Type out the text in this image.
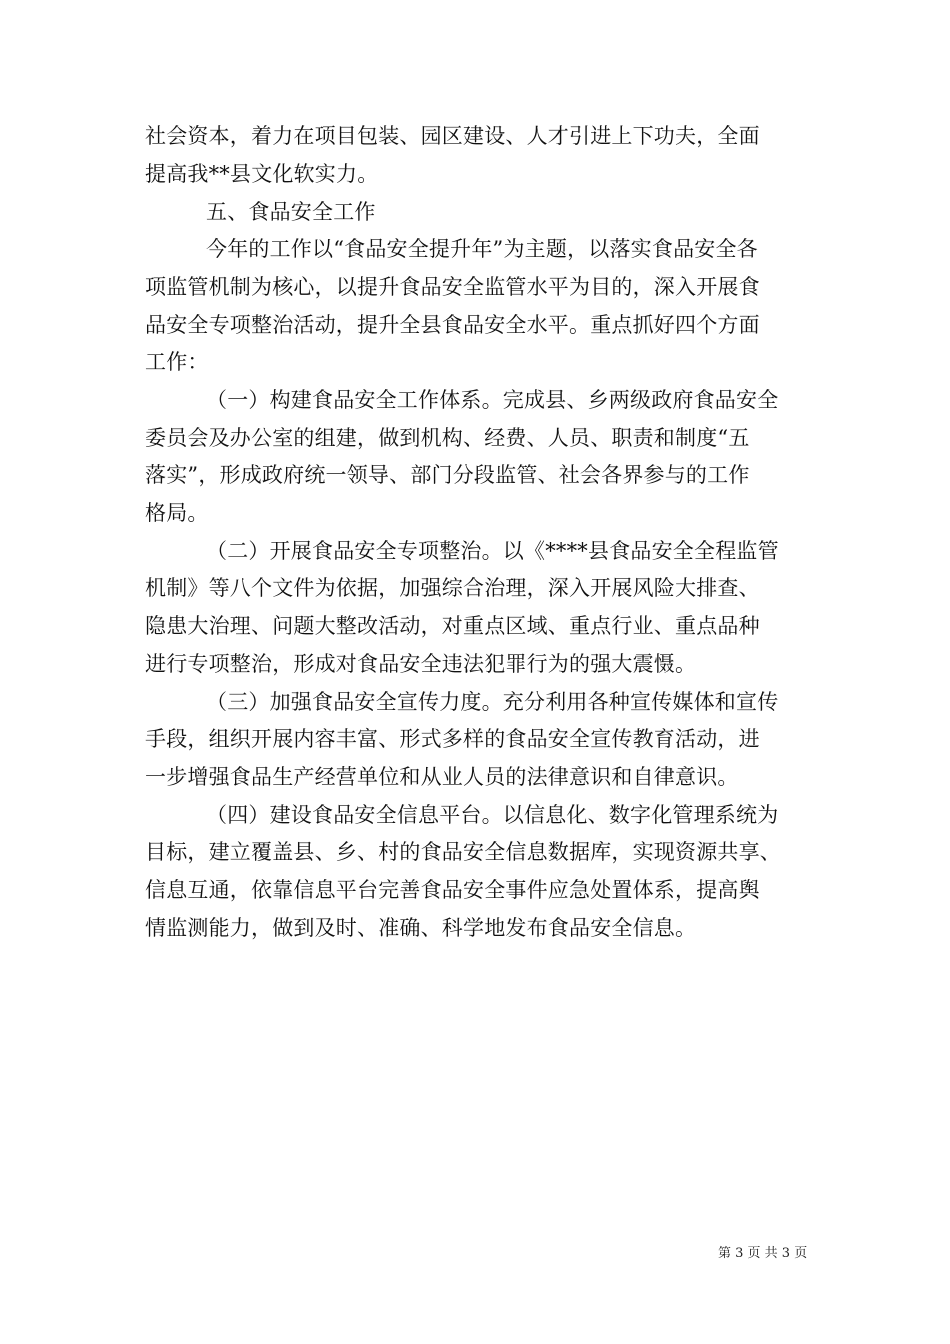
社会资本，着力在项目包装、园区建设、人才引进上下功夫，全面
提高我**县文化软实力。
五、食品安全工作
今年的工作以“食品安全提升年”为主题，以落实食品安全各
项监管机制为核心，以提升食品安全监管水平为目的，深入开展食
品安全专项整治活动，提升全县食品安全水平。重点抓好四个方面
工作：
（一）构建食品安全工作体系。完成县、乡两级政府食品安全
委员会及办公室的组建，做到机构、经费、人员、职责和制度“五
落实”，形成政府统一领导、部门分段监管、社会各界参与的工作
格局。
（二）开展食品安全专项整治。以《****县食品安全全程监管
机制》等八个文件为依据，加强综合治理，深入开展风险大排查、
隐患大治理、问题大整改活动，对重点区域、重点行业、重点品种
进行专项整治，形成对食品安全违法犯罪行为的强大震慑。
（三）加强食品安全宣传力度。充分利用各种宣传媒体和宣传
手段，组织开展内容丰富、形式多样的食品安全宣传教育活动，进
一步增强食品生产经营单位和从业人员的法律意识和自律意识。
（四）建设食品安全信息平台。以信息化、数字化管理系统为
目标，建立覆盖县、乡、村的食品安全信息数据库，实现资源共享、
信息互通，依靠信息平台完善食品安全事件应急处置体系，提高舆
情监测能力，做到及时、准确、科学地发布食品安全信息。
第 3 页 共 3 页
